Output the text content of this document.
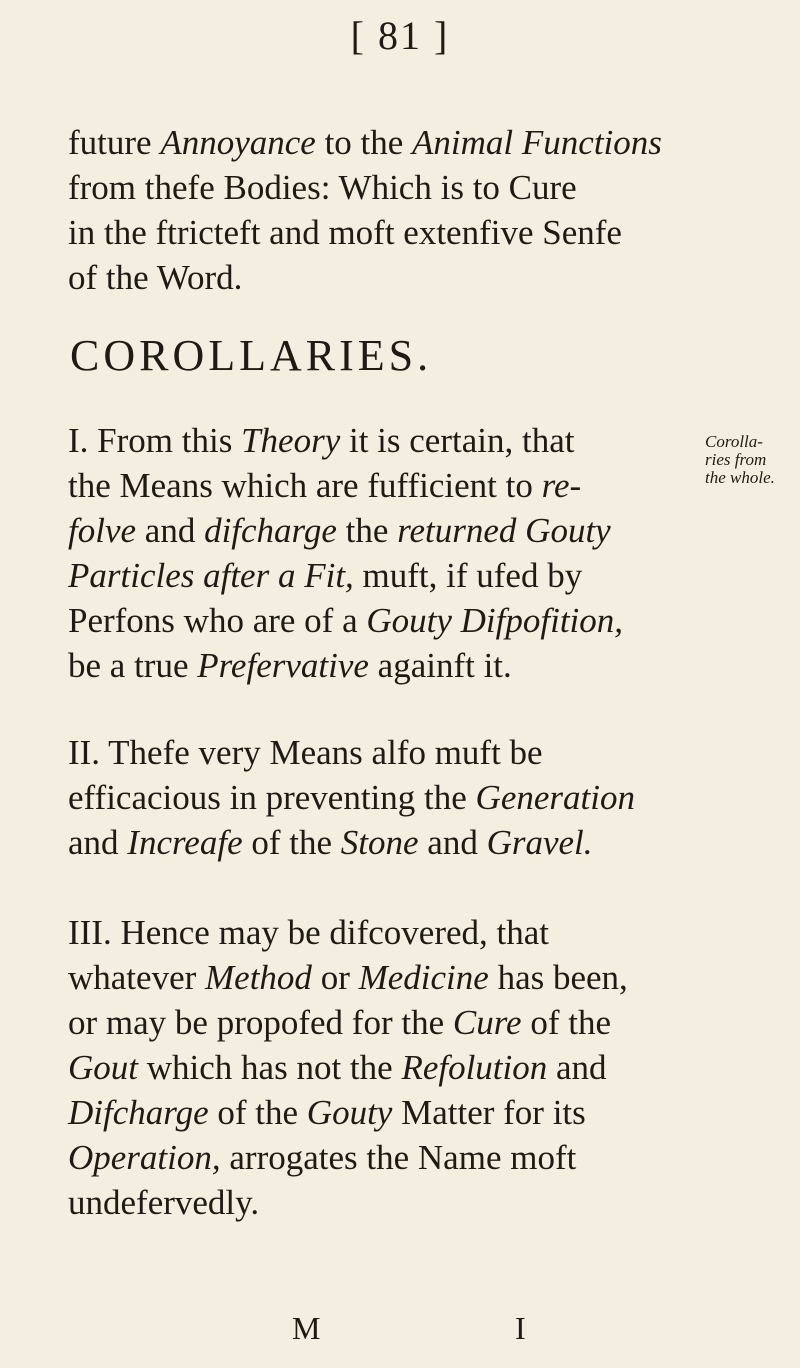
[ 81 ]
future Annoyance to the Animal Functions
from thefe Bodies: Which is to Cure
in the ftricteft and moft extenfive Senfe
of the Word.
COROLLARIES.
Corolla-
ries from
the whole.
I. From this Theory it is certain, that
the Means which are fufficient to re-
folve and difcharge the returned Gouty
Particles after a Fit, muft, if ufed by
Perfons who are of a Gouty Difpofition,
be a true Prefervative againft it.
II. Thefe very Means alfo muft be
efficacious in preventing the Generation
and Increafe of the Stone and Gravel.
III. Hence may be difcovered, that
whatever Method or Medicine has been,
or may be propofed for the Cure of the
Gout which has not the Refolution and
Difcharge of the Gouty Matter for its
Operation, arrogates the Name moft
undefervedly.
M	I
